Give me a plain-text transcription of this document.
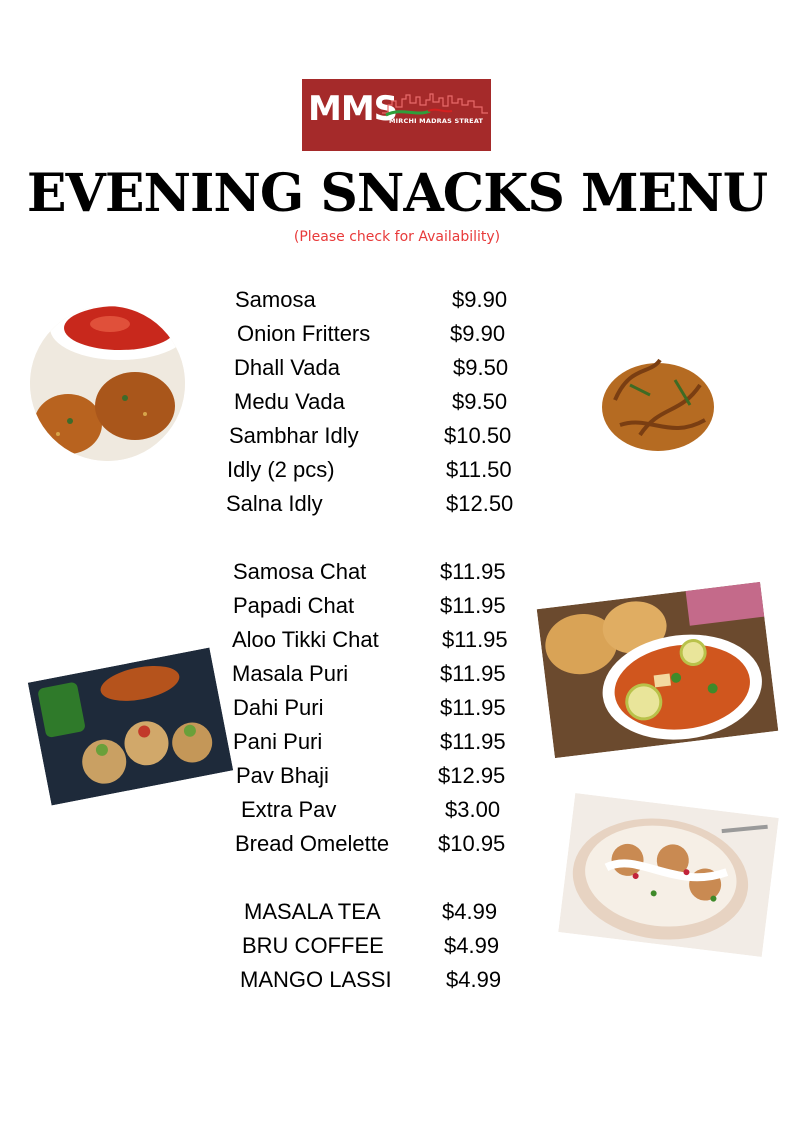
MMS
MIRCHI MADRAS STREAT
EVENING SNACKS MENU
(Please check for Availability)
Samosa	$9.90
Onion Fritters	$9.90
Dhall Vada	$9.50
Medu Vada	$9.50
Sambhar Idly	$10.50
Idly (2 pcs)	$11.50
Salna Idly	$12.50
Samosa Chat	$11.95
Papadi Chat	$11.95
Aloo Tikki Chat	$11.95
Masala Puri	$11.95
Dahi Puri	$11.95
Pani Puri	$11.95
Pav Bhaji	$12.95
Extra Pav	$3.00
Bread Omelette $10.95
MASALA TEA	$4.99
BRU COFFEE	$4.99
MANGO LASSI $4.99
